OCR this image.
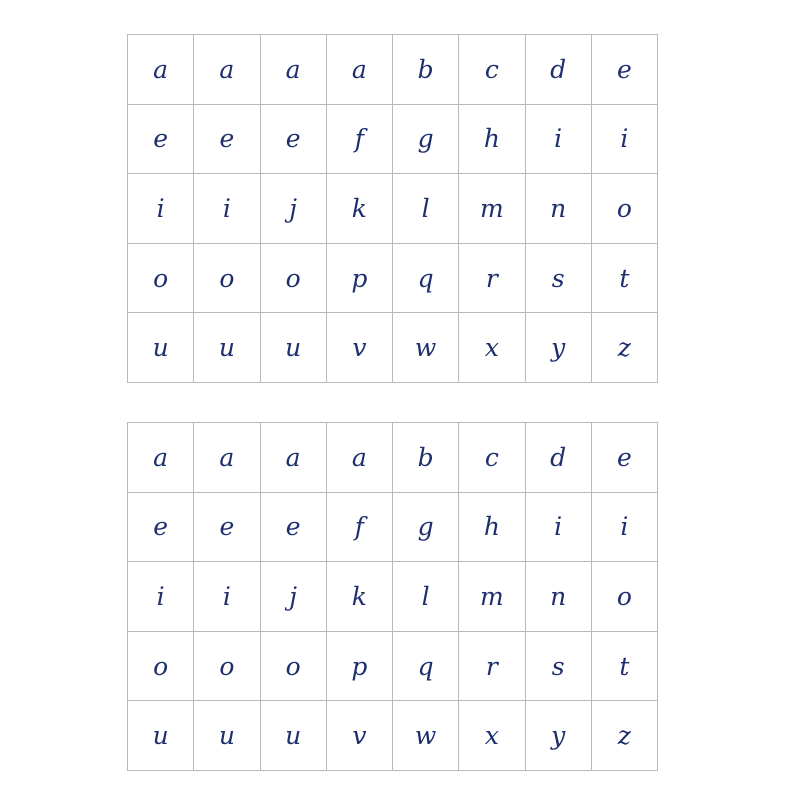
a	a	a	a	b	c	d	e
e	e	e	f	g	h	i	i
i	i	j	k	l	m	n	o
o	o	o	p	q	r	s	t
u	u	u	v	w	x	y	z
a	a	a	a	b	c	d	e
e	e	e	f	g	h	i	i
i	i	j	k	l	m	n	o
o	o	o	p	q	r	s	t
u	u	u	v	w	x	y	z
